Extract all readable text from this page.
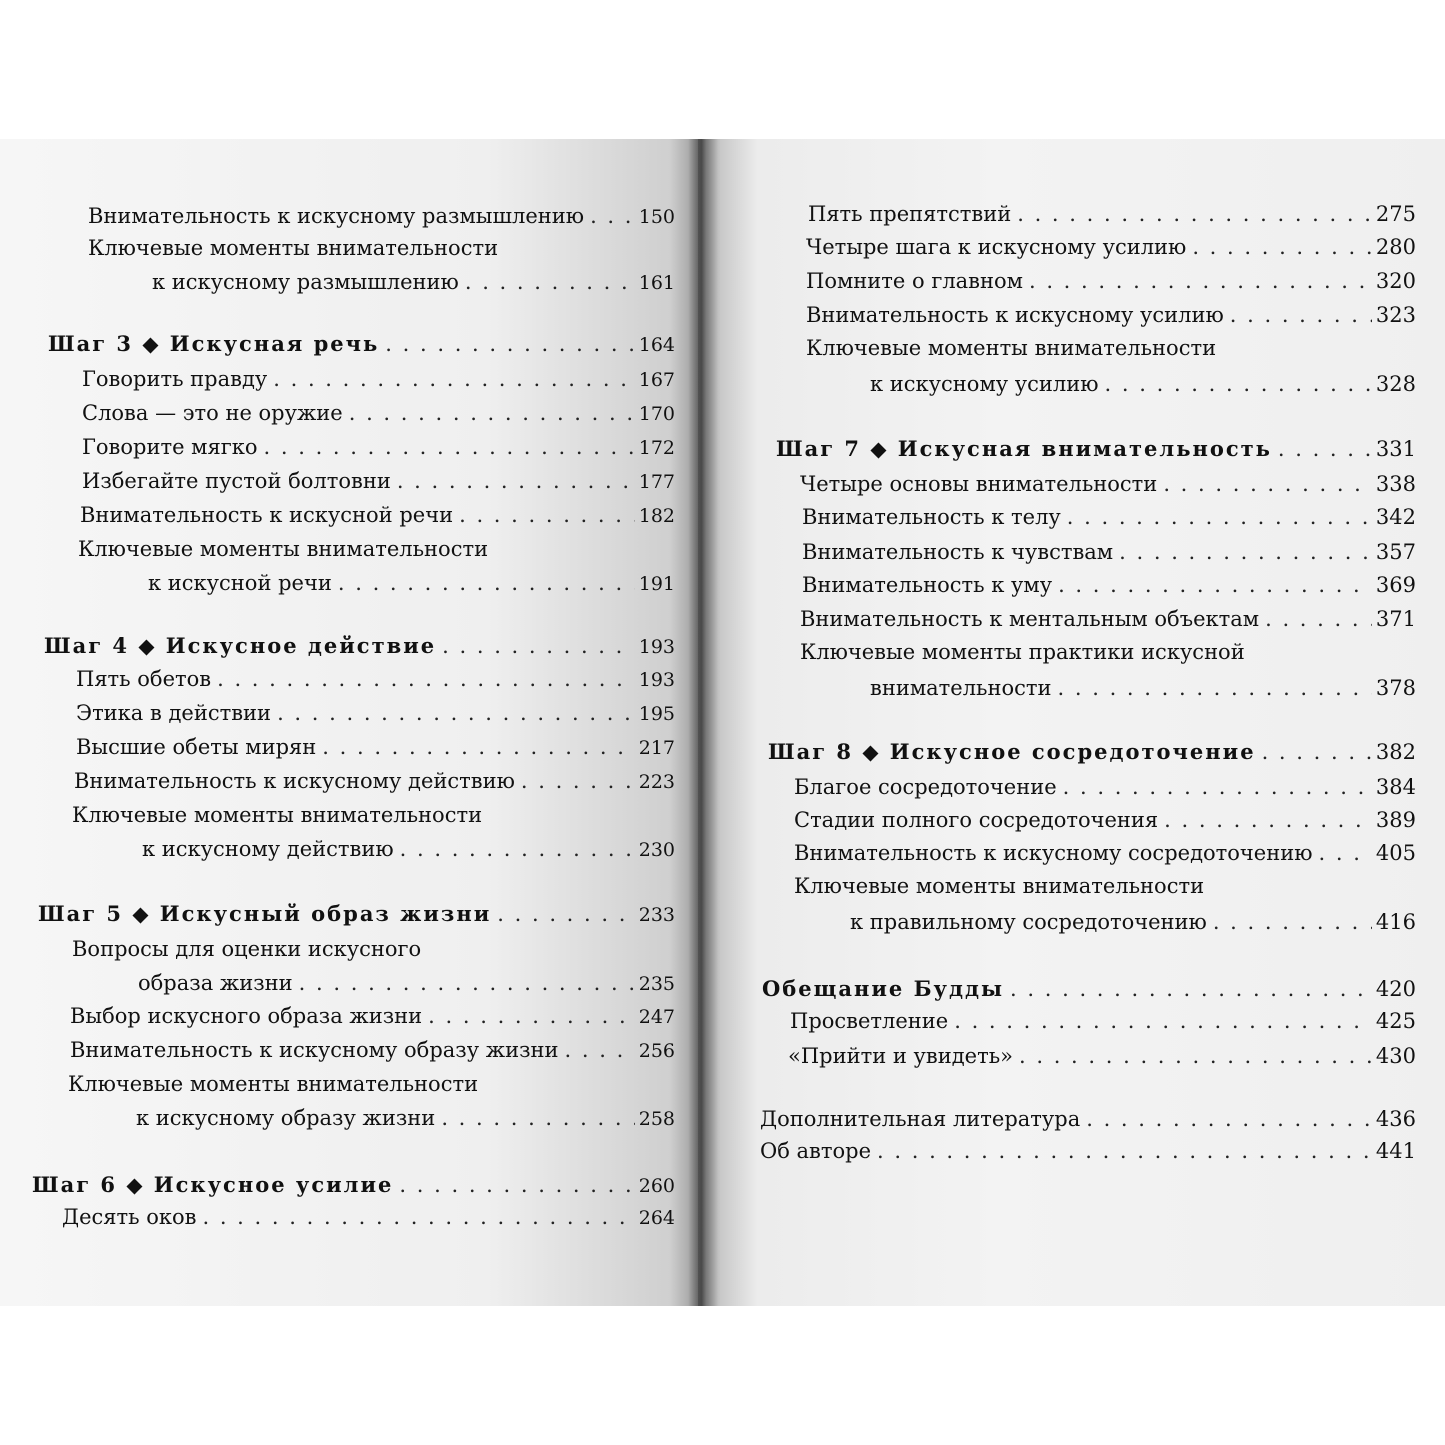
Внимательность к искусному размышлению . . .	150
Ключевые моменты внимательности
к искусному размышлению . . .	161
Шаг 3 ◆ Искусная речь . . .	164
Говорить правду . . .	167
Слова — это не оружие . . .	170
Говорите мягко . . .	172
Избегайте пустой болтовни . . .	177
Внимательность к искусной речи . . .	182
Ключевые моменты внимательности
к искусной речи . . .	191
Шаг 4 ◆ Искусное действие . . .	193
Пять обетов . . .	193
Этика в действии . . .	195
Высшие обеты мирян . . .	217
Внимательность к искусному действию . . .	223
Ключевые моменты внимательности
к искусному действию . . .	230
Шаг 5 ◆ Искусный образ жизни . . .	233
Вопросы для оценки искусного
образа жизни . . .	235
Выбор искусного образа жизни . . .	247
Внимательность к искусному образу жизни . . .	256
Ключевые моменты внимательности
к искусному образу жизни . . .	258
Шаг 6 ◆ Искусное усилие . . .	260
Десять оков . . .	264
Пять препятствий . . .	275
Четыре шага к искусному усилию . . .	280
Помните о главном . . .	320
Внимательность к искусному усилию . . .	323
Ключевые моменты внимательности
к искусному усилию . . .	328
Шаг 7 ◆ Искусная внимательность . . .	331
Четыре основы внимательности . . .	338
Внимательность к телу . . .	342
Внимательность к чувствам . . .	357
Внимательность к уму . . .	369
Внимательность к ментальным объектам . . .	371
Ключевые моменты практики искусной
внимательности . . .	378
Шаг 8 ◆ Искусное сосредоточение . . .	382
Благое сосредоточение . . .	384
Стадии полного сосредоточения . . .	389
Внимательность к искусному сосредоточению . . .	405
Ключевые моменты внимательности
к правильному сосредоточению . . .	416
Обещание Будды . . .	420
Просветление . . .	425
«Прийти и увидеть» . . .	430
Дополнительная литература . . .	436
Об авторе . . .	441
